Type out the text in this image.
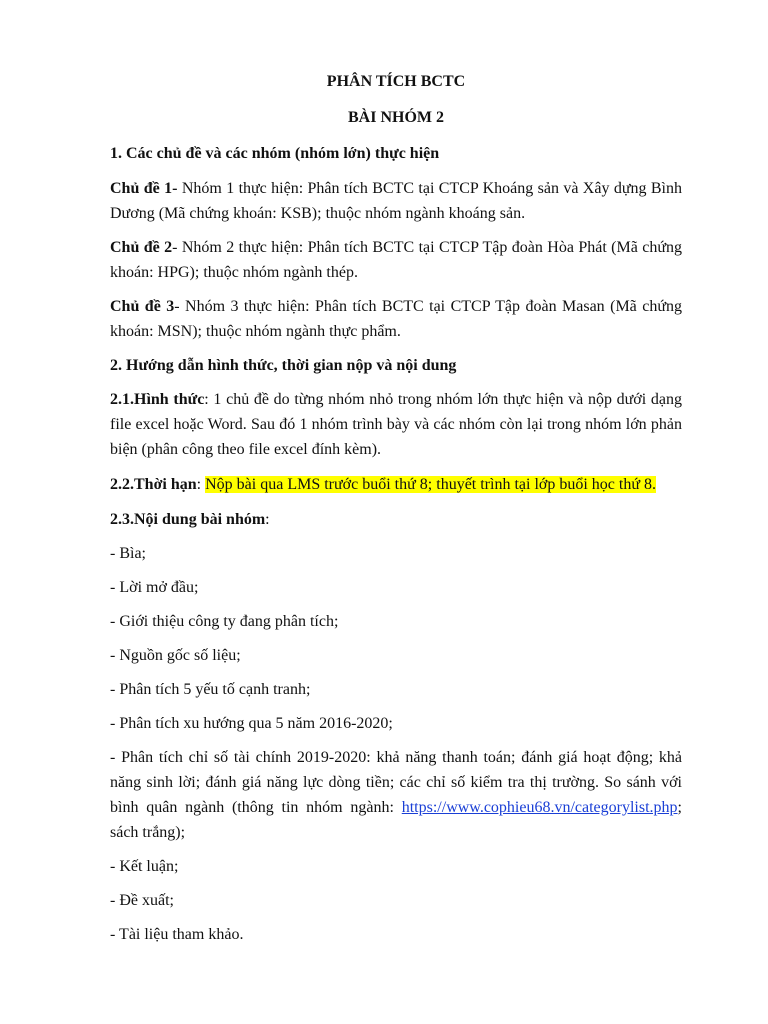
PHÂN TÍCH BCTC

BÀI NHÓM 2

1. Các chủ đề và các nhóm (nhóm lớn) thực hiện

Chủ đề 1- Nhóm 1 thực hiện: Phân tích BCTC tại CTCP Khoáng sản và Xây dựng Bình Dương (Mã chứng khoán: KSB); thuộc nhóm ngành khoáng sản.

Chủ đề 2- Nhóm 2 thực hiện: Phân tích BCTC tại CTCP Tập đoàn Hòa Phát (Mã chứng khoán: HPG); thuộc nhóm ngành thép.

Chủ đề 3- Nhóm 3 thực hiện: Phân tích BCTC tại CTCP Tập đoàn Masan (Mã chứng khoán: MSN); thuộc nhóm ngành thực phẩm.

2. Hướng dẫn hình thức, thời gian nộp và nội dung

2.1.Hình thức: 1 chủ đề do từng nhóm nhỏ trong nhóm lớn thực hiện và nộp dưới dạng file excel hoặc Word. Sau đó 1 nhóm trình bày và các nhóm còn lại trong nhóm lớn phản biện (phân công theo file excel đính kèm).

2.2.Thời hạn: Nộp bài qua LMS trước buổi thứ 8; thuyết trình tại lớp buổi học thứ 8.

2.3.Nội dung bài nhóm:

- Bìa;

- Lời mở đầu;

- Giới thiệu công ty đang phân tích;

- Nguồn gốc số liệu;

- Phân tích 5 yếu tố cạnh tranh;

- Phân tích xu hướng qua 5 năm 2016-2020;

- Phân tích chỉ số tài chính 2019-2020: khả năng thanh toán; đánh giá hoạt động; khả năng sinh lời; đánh giá năng lực dòng tiền; các chỉ số kiểm tra thị trường. So sánh với bình quân ngành (thông tin nhóm ngành: https://www.cophieu68.vn/categorylist.php; sách trắng);

- Kết luận;

- Đề xuất;

- Tài liệu tham khảo.
